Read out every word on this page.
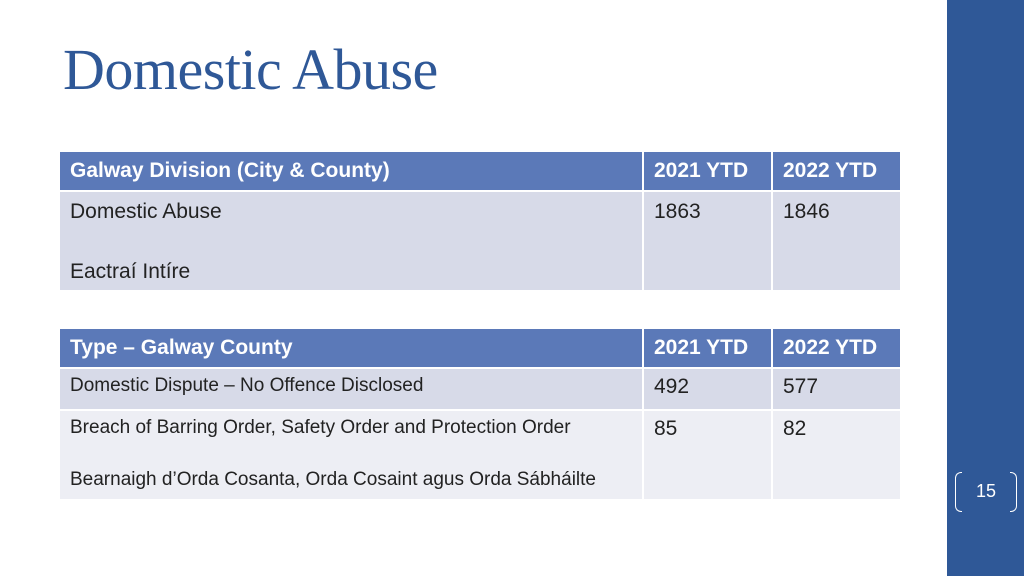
15
Domestic Abuse
Galway Division (City & County)	2021 YTD	2022 YTD

Domestic Abuse
Eactraí Intíre	1863	1846
Type – Galway County	2021 YTD	2022 YTD
Domestic Dispute – No Offence Disclosed	492	577

Breach of Barring Order, Safety Order and Protection Order
Bearnaigh d’Orda Cosanta, Orda Cosaint agus Orda Sábháilte	85	82
